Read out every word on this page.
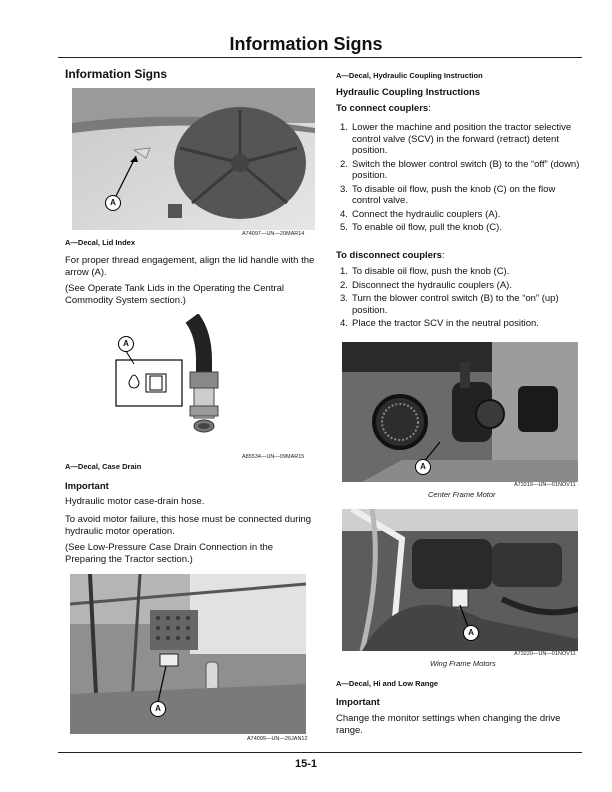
Information Signs
Information Signs
A
A74097—UN—20MAR14
A—Decal, Lid Index
For proper thread engagement, align the lid handle with the arrow (A).
(See Operate Tank Lids in the Operating the Central Commodity System section.)
A
A85534—UN—09MAR15
A—Decal, Case Drain
Important
Hydraulic motor case-drain hose.
To avoid motor failure, this hose must be connected during hydraulic motor operation.
(See Low-Pressure Case Drain Connection in the Preparing the Tractor section.)
A
A74099—UN—26JAN12
A—Decal, Hydraulic Coupling Instruction
Hydraulic Coupling Instructions
To connect couplers:
1. Lower the machine and position the tractor selective control valve (SCV) in the forward (retract) detent position.
2. Switch the blower control switch (B) to the “off” (down) position.
3. To disable oil flow, push the knob (C) on the flow control valve.
4. Connect the hydraulic couplers (A).
5. To enable oil flow, pull the knob (C).
To disconnect couplers:
1. To disable oil flow, push the knob (C).
2. Disconnect the hydraulic couplers (A).
3. Turn the blower control switch (B) to the “on” (up) position.
4. Place the tractor SCV in the neutral position.
A
A73219—UN—01NOV11
Center Frame Motor
A
A73220—UN—01NOV11
Wing Frame Motors
A—Decal, Hi and Low Range
Important
Change the monitor settings when changing the drive range.
15-1
